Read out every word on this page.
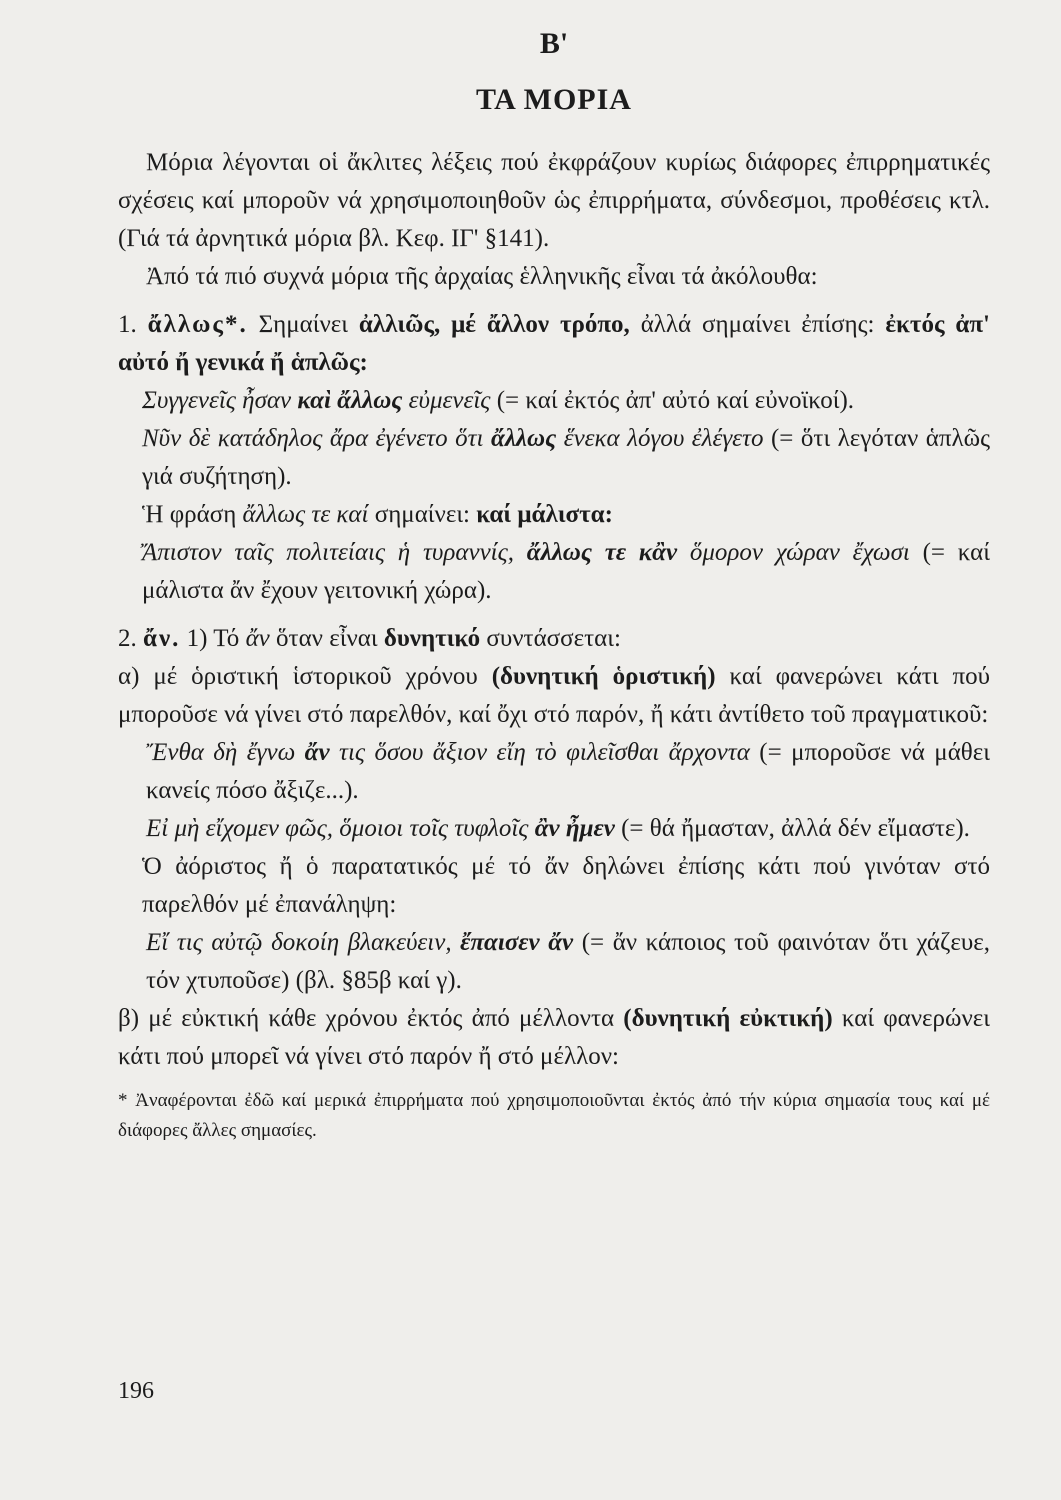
B'
ΤΑ ΜΟΡΙΑ

Μόρια λέγονται οἱ ἄκλιτες λέξεις πού ἐκφράζουν κυρίως διάφορες ἐπιρρηματικές σχέσεις καί μποροῦν νά χρησιμοποιηθοῦν ὡς ἐπιρρήματα, σύνδεσμοι, προθέσεις κτλ. (Γιά τά ἀρνητικά μόρια βλ. Κεφ. ΙΓ' §141).

Ἀπό τά πιό συχνά μόρια τῆς ἀρχαίας ἑλληνικῆς εἶναι τά ἀκόλουθα:

1. ἄλλως*. Σημαίνει ἀλλιῶς, μέ ἄλλον τρόπο, ἀλλά σημαίνει ἐπίσης: ἐκτός ἀπ' αὐτό ἤ γενικά ἤ ἁπλῶς:

Συγγενεῖς ἦσαν καὶ ἄλλως εὐμενεῖς (= καί ἐκτός ἀπ' αὐτό καί εὐνοϊκοί).

Νῦν δὲ κατάδηλος ἄρα ἐγένετο ὅτι ἄλλως ἕνεκα λόγου ἐλέγετο (= ὅτι λεγόταν ἁπλῶς γιά συζήτηση).

Ἡ φράση ἄλλως τε καί σημαίνει: καί μάλιστα:

Ἄπιστον ταῖς πολιτείαις ἡ τυραννίς, ἄλλως τε κἂν ὅμορον χώραν ἔχωσι (= καί μάλιστα ἄν ἔχουν γειτονική χώρα).

2. ἄν. 1) Τό ἄν ὅταν εἶναι δυνητικό συντάσσεται:

α) μέ ὁριστική ἱστορικοῦ χρόνου (δυνητική ὁριστική) καί φανερώνει κάτι πού μποροῦσε νά γίνει στό παρελθόν, καί ὄχι στό παρόν, ἤ κάτι ἀντίθετο τοῦ πραγματικοῦ:

Ἔνθα δὴ ἔγνω ἄν τις ὅσου ἄξιον εἴη τὸ φιλεῖσθαι ἄρχοντα (= μποροῦσε νά μάθει κανείς πόσο ἄξιζε...).

Εἰ μὴ εἴχομεν φῶς, ὅμοιοι τοῖς τυφλοῖς ἂν ἦμεν (= θά ἤμασταν, ἀλλά δέν εἴμαστε).

Ὁ ἀόριστος ἤ ὁ παρατατικός μέ τό ἄν δηλώνει ἐπίσης κάτι πού γινόταν στό παρελθόν μέ ἐπανάληψη:

Εἴ τις αὐτῷ δοκοίη βλακεύειν, ἔπαισεν ἄν (= ἄν κάποιος τοῦ φαινόταν ὅτι χάζευε, τόν χτυποῦσε) (βλ. §85β καί γ).

β) μέ εὐκτική κάθε χρόνου ἐκτός ἀπό μέλλοντα (δυνητική εὐκτική) καί φανερώνει κάτι πού μπορεῖ νά γίνει στό παρόν ἤ στό μέλλον:

* Ἀναφέρονται ἐδῶ καί μερικά ἐπιρρήματα πού χρησιμοποιοῦνται ἐκτός ἀπό τήν κύρια σημασία τους καί μέ διάφορες ἄλλες σημασίες.
196
